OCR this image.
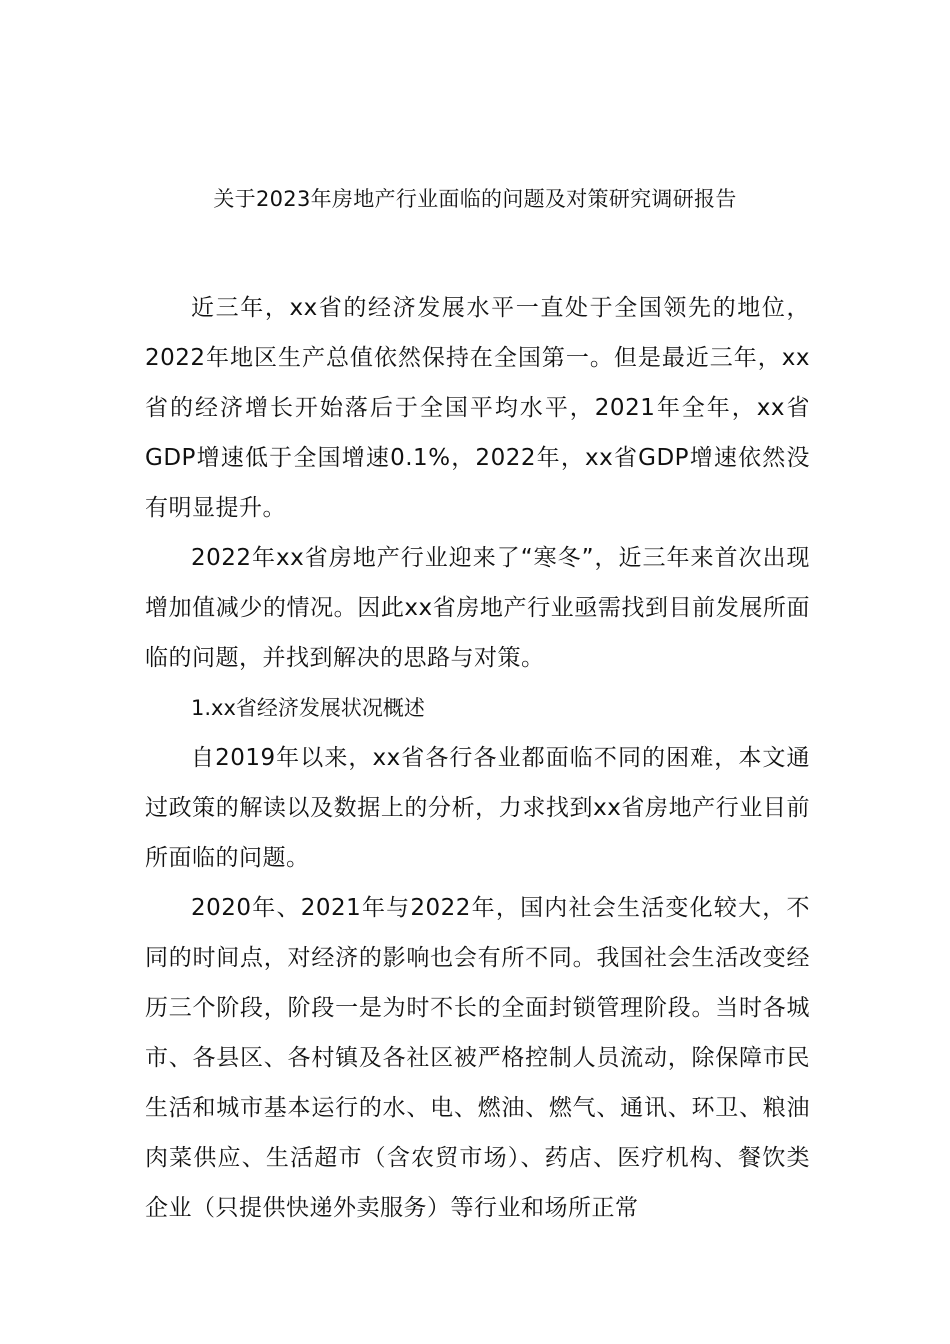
关于2023年房地产行业面临的问题及对策研究调研报告

近三年，xx省的经济发展水平一直处于全国领先的地位，2022年地区生产总值依然保持在全国第一。但是最近三年，xx省的经济增长开始落后于全国平均水平，2021年全年，xx省GDP增速低于全国增速0.1%，2022年，xx省GDP增速依然没有明显提升。

2022年xx省房地产行业迎来了“寒冬”，近三年来首次出现增加值减少的情况。因此xx省房地产行业亟需找到目前发展所面临的问题，并找到解决的思路与对策。

1.xx省经济发展状况概述

自2019年以来，xx省各行各业都面临不同的困难，本文通过政策的解读以及数据上的分析，力求找到xx省房地产行业目前所面临的问题。

2020年、2021年与2022年，国内社会生活变化较大，不同的时间点，对经济的影响也会有所不同。我国社会生活改变经历三个阶段，阶段一是为时不长的全面封锁管理阶段。当时各城市、各县区、各村镇及各社区被严格控制人员流动，除保障市民生活和城市基本运行的水、电、燃油、燃气、通讯、环卫、粮油肉菜供应、生活超市（含农贸市场）、药店、医疗机构、餐饮类企业（只提供快递外卖服务）等行业和场所正常
